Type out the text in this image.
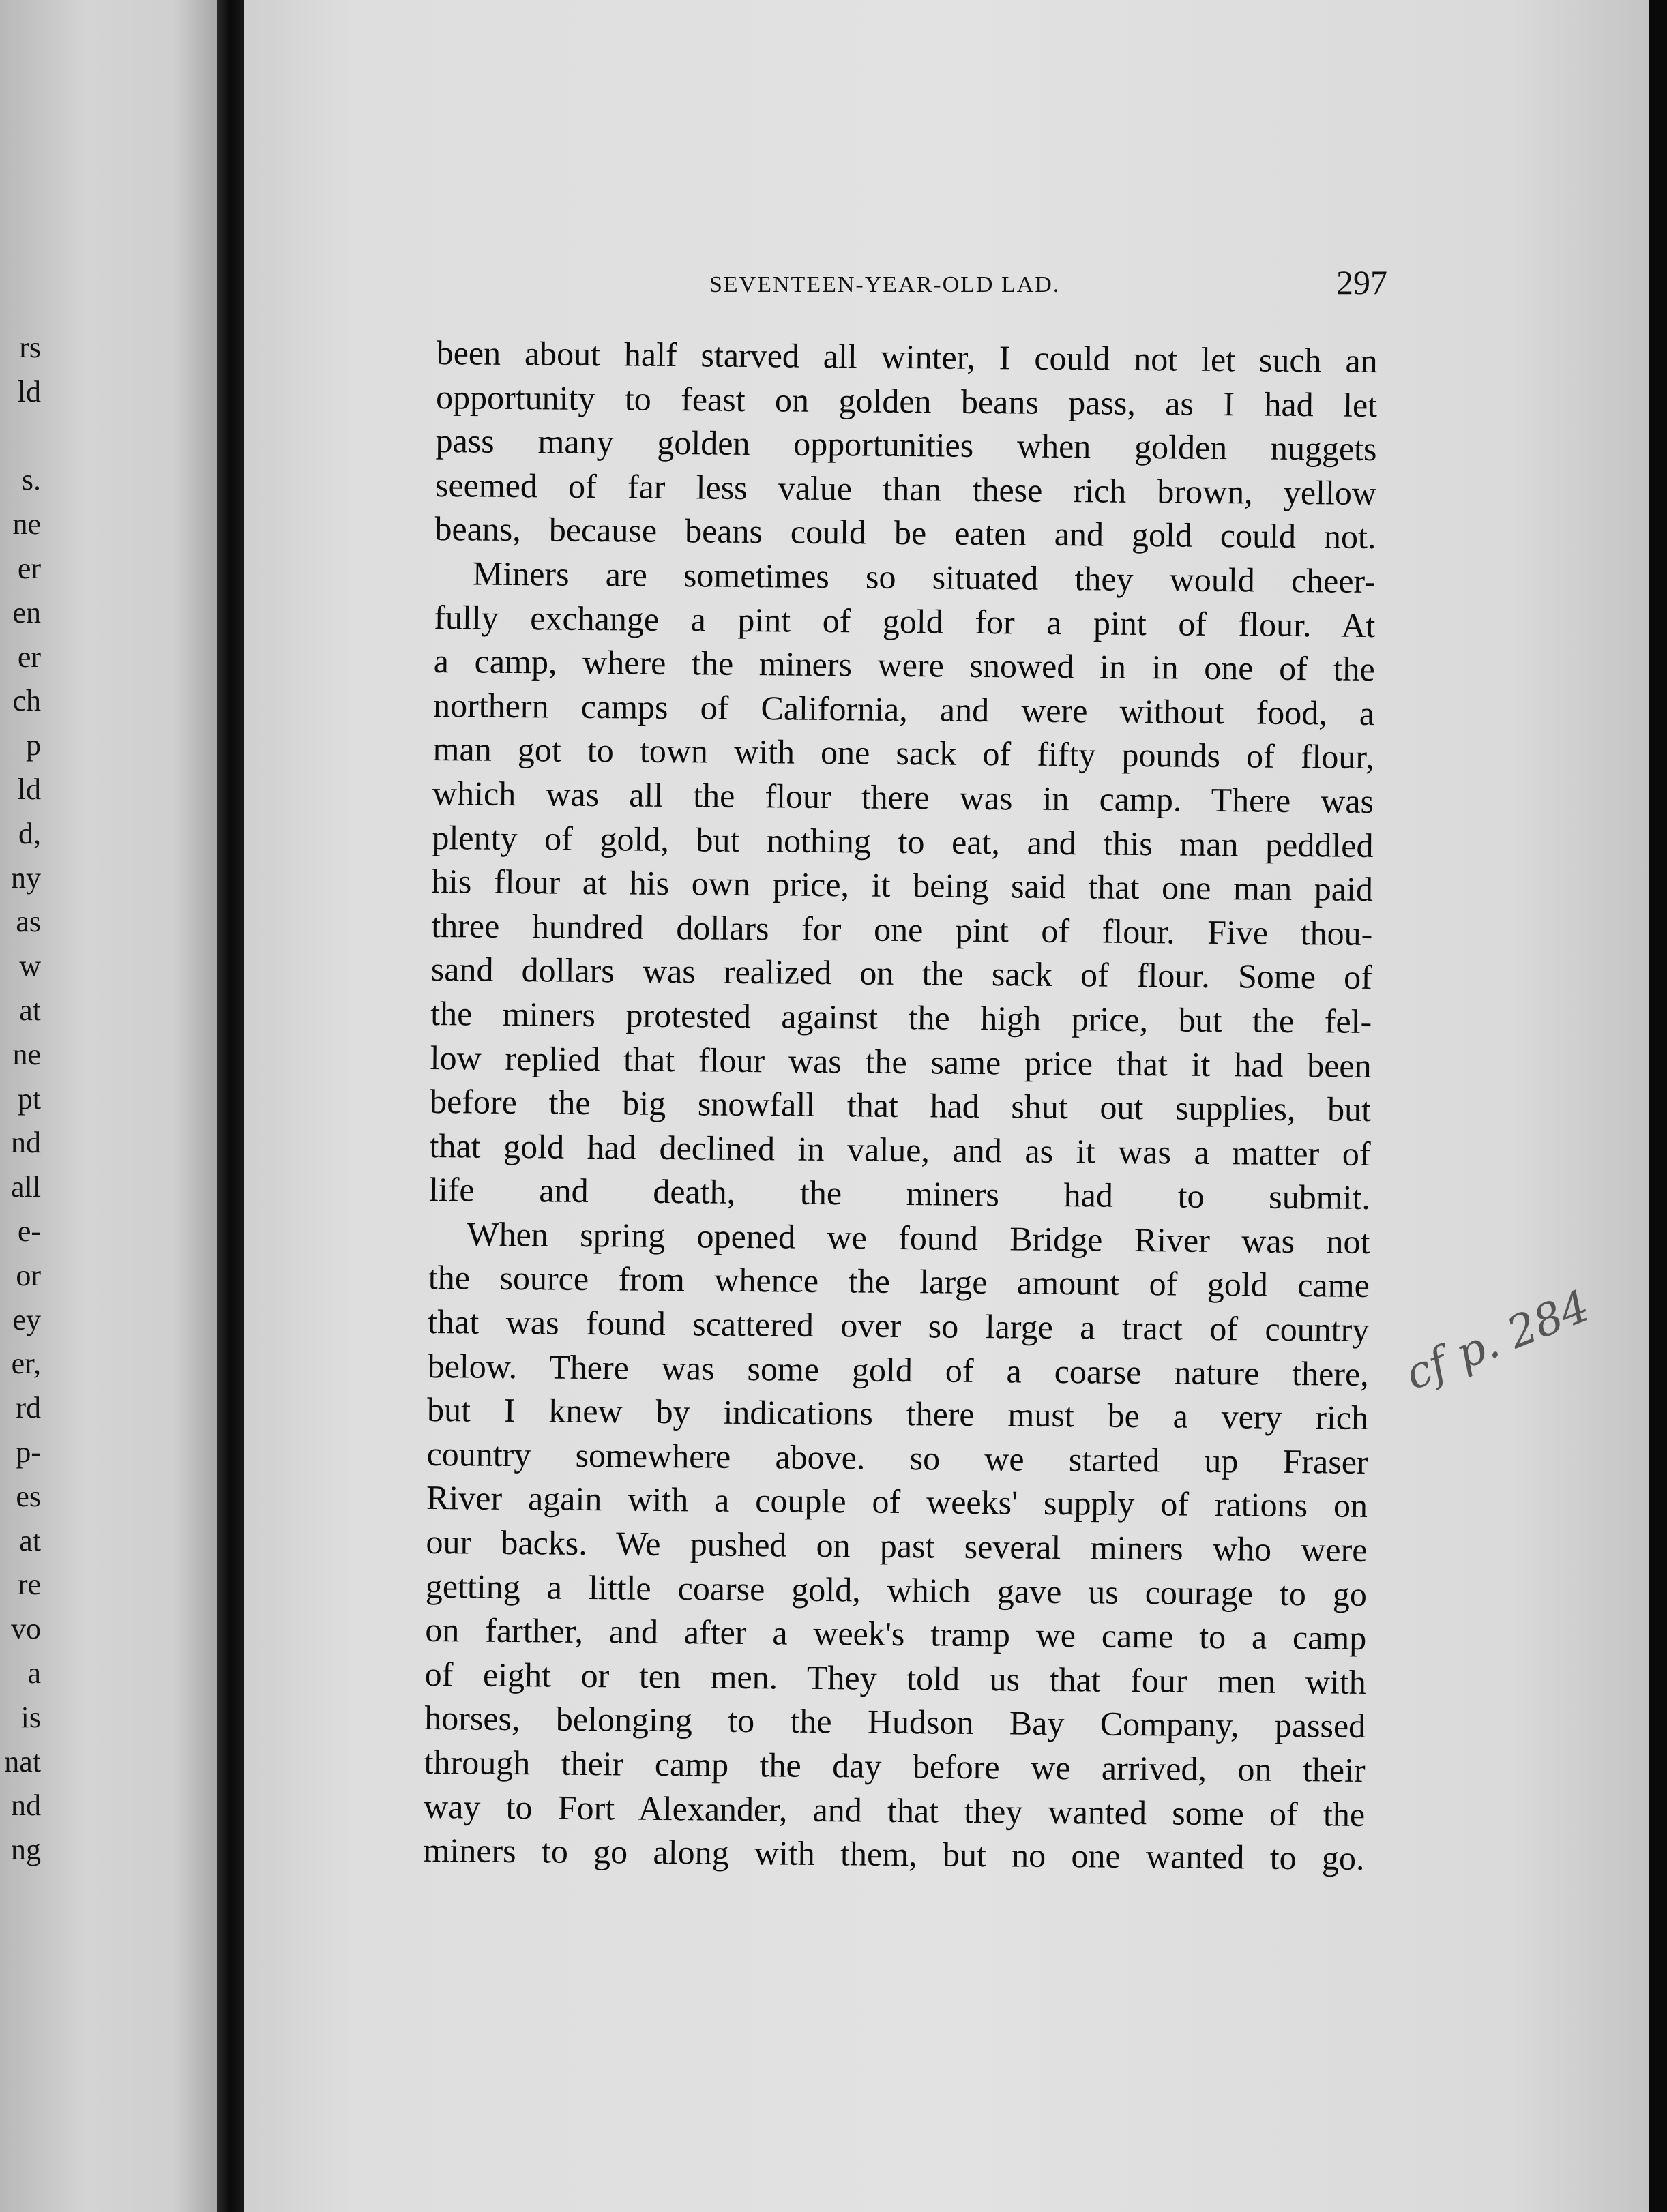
rs
ld
s.
ne
er
en
er
ch
p
ld
d,
ny
as
w
at
ne
pt
nd
all
e-
or
ey
er,
rd
p-
es
at
re
vo
a
is
nat
nd
ng
SEVENTEEN-YEAR-OLD LAD.	297
been about half starved all winter, I could not let such an
opportunity to feast on golden beans pass, as I had let
pass many golden opportunities when golden nuggets
seemed of far less value than these rich brown, yellow
beans, because beans could be eaten and gold could not.
Miners are sometimes so situated they would cheer-
fully exchange a pint of gold for a pint of flour. At
a camp, where the miners were snowed in in one of the
northern camps of California, and were without food, a
man got to town with one sack of fifty pounds of flour,
which was all the flour there was in camp. There was
plenty of gold, but nothing to eat, and this man peddled
his flour at his own price, it being said that one man paid
three hundred dollars for one pint of flour. Five thou-
sand dollars was realized on the sack of flour. Some of
the miners protested against the high price, but the fel-
low replied that flour was the same price that it had been
before the big snowfall that had shut out supplies, but
that gold had declined in value, and as it was a matter of
life and death, the miners had to submit.
When spring opened we found Bridge River was not
the source from whence the large amount of gold came
that was found scattered over so large a tract of country
below. There was some gold of a coarse nature there,
but I knew by indications there must be a very rich
country somewhere above. so we started up Fraser
River again with a couple of weeks' supply of rations on
our backs. We pushed on past several miners who were
getting a little coarse gold, which gave us courage to go
on farther, and after a week's tramp we came to a camp
of eight or ten men. They told us that four men with
horses, belonging to the Hudson Bay Company, passed
through their camp the day before we arrived, on their
way to Fort Alexander, and that they wanted some of the
miners to go along with them, but no one wanted to go.
cf p. 284
